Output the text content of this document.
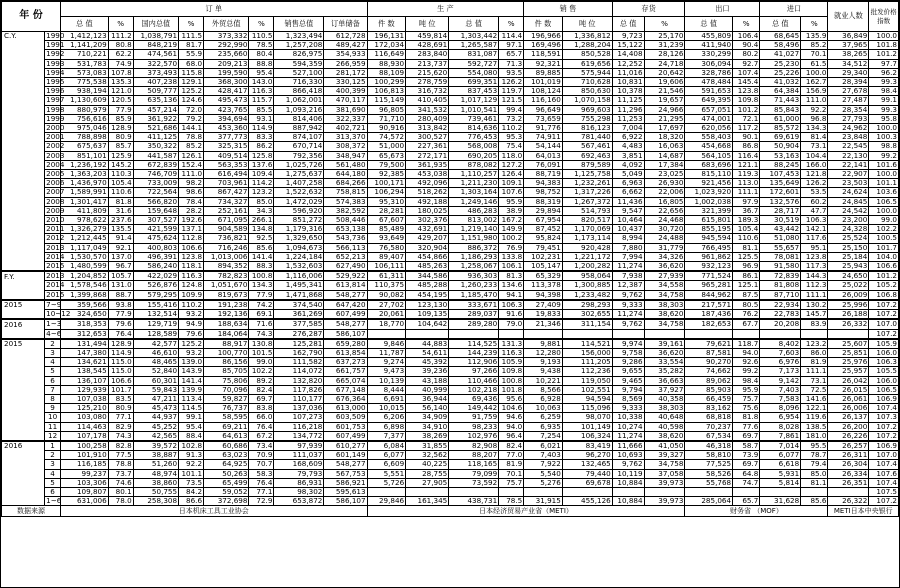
年 份		订 单								生 产				销 售		存货		出口		进口		就业人数	批发价格指数
		总 值	%	国内总值	%	外贸总值	%	销售总值	订单储备	件 数	吨 位	总 值	%	件 数	吨 位	总 值	%	总 值	%	总 值	%		
C.Y.	1990	1,412,123	111.2	1,038,791	111.5	373,332	110.5	1,323,494	612,728	196,131	459,814	1,303,442	114.4	196,966	1,336,812	9,723	25,170	455,809	106.4	68,645	135.9	36,849	100.0
	1991	1,141,209	80.8	848,219	81.7	292,990	78.5	1,257,208	489,427	172,034	428,691	1,265,587	97.1	169,496	1,288,204	15,122	31,239	411,940	90.4	58,496	85.2	37,965	101.8
	1992	710,221	62.2	474,561	55.9	235,660	80.4	826,975	354,933	116,649	283,840	831,087	65.7	118,591	850,528	14,408	28,126	330,299	80.2	41,027	70.1	38,265	101.2
	1993	531,783	74.9	322,570	68.0	209,213	88.8	594,359	266,959	88,930	213,737	592,727	71.3	92,321	619,656	12,252	24,718	306,094	92.7	25,230	61.5	34,512	97.7
	1994	573,083	107.8	373,493	115.8	199,590	95.4	527,100	281,172	88,109	215,620	554,080	93.5	89,885	575,944	11,016	20,642	328,786	107.4	25,226	100.0	29,340	96.2
	1995	775,538	135.3	407,238	129.1	368,300	143.0	716,330	330,125	100,299	278,759	699,351	126.2	101,019	710,628	10,831	19,606	478,484	145.4	41,032	162.7	28,394	99.3
	1996	938,194	121.0	509,777	125.2	428,417	116.3	866,418	400,399	106,813	316,732	837,453	119.7	108,124	850,630	10,378	21,546	591,653	123.8	64,384	156.9	27,678	98.4
	1997	1,130,609	120.5	635,136	124.6	495,473	115.7	1,062,001	470,117	115,149	410,405	1,017,129	121.5	116,160	1,070,158	11,125	19,657	649,395	109.8	71,443	111.0	27,487	99.1
	1998	880,979	77.9	457,214	72.0	423,765	85.5	1,093,216	381,690	96,805	341,532	1,010,541	99.4	96,649	969,603	11,296	24,966	657,051	101.2	85,843	92.2	28,354	99.3
	1999	756,616	85.9	361,922	79.2	394,694	93.1	814,406	322,337	71,710	280,409	739,461	73.2	73,659	755,298	11,253	21,295	474,001	72.1	61,000	96.8	27,793	95.8
	2000	975,046	128.9	521,686	144.1	453,360	114.9	887,942	402,721	90,916	313,842	814,636	110.2	91,776	816,123	7,004	17,697	620,056	117.2	85,572	134.3	24,962	100.0
	2001	788,898	80.9	411,125	78.8	377,773	83.3	874,107	313,370	74,572	300,527	776,453	95.3	74,911	781,440	6,922	18,320	558,403	90.1	69,619	81.4	23,848	100.3
	2002	675,637	85.7	350,322	85.2	325,315	86.2	670,714	308,372	51,000	227,361	568,008	75.4	54,144	567,461	4,483	16,063	454,668	86.8	50,904	73.1	22,545	98.8
	2003	851,101	125.9	441,587	126.1	409,514	125.8	792,356	348,947	65,673	272,171	690,205	118.0	64,013	692,463	3,851	14,687	564,105	116.4	53,163	104.4	22,130	99.2
	2004	1,236,192	145.2	672,839	152.4	563,353	137.6	1,025,726	561,480	79,500	361,935	878,082	127.2	76,091	879,589	4,092	17,384	683,696	121.1	88,245	166.0	22,141	101.6
	2005	1,363,203	110.3	746,709	111.0	616,494	109.4	1,275,637	644,180	92,385	453,038	1,110,257	126.4	88,719	1,125,758	5,049	23,025	815,110	119.3	107,453	121.8	22,907	100.0
	2006	1,436,970	105.4	733,009	98.2	703,961	114.2	1,407,258	684,266	100,171	492,096	1,211,230	109.1	94,383	1,232,261	6,963	26,930	921,456	113.0	135,649	126.2	23,503	101.1
	2007	1,589,991	110.6	722,564	98.6	867,427	123.2	1,522,632	758,815	106,294	518,262	1,303,164	107.6	98,752	1,317,226	6,662	22,006	1,023,920	111.1	172,601	53.5	24,624	103.6
	2008	1,301,417	81.8	566,820	78.4	734,327	85.0	1,472,029	574,383	95,310	492,188	1,249,146	95.9	88,319	1,267,372	11,436	16,805	1,002,038	97.9	132,576	60.2	24,845	106.5
	2009	411,809	31.6	159,648	28.2	252,161	34.3	596,920	382,592	28,281	180,025	486,283	38.9	29,894	514,793	9,547	22,656	321,399	36.7	28,717	47.7	24,542	100.0
	2010	978,622	237.6	307,527	192.6	671,095	266.1	851,272	508,446	67,607	302,376	813,002	167.2	67,954	820,517	10,464	24,468	615,801	189.3	30,519	106.3	23,200	99.0
	2011	1,326,279	135.5	421,599	137.1	904,589	134.8	1,179,316	653,138	85,489	432,691	1,219,140	149.9	87,452	1,170,069	10,437	30,720	855,195	105.4	43,442	142.1	24,328	102.2
	2012	1,212,445	91.4	475,624	112.8	736,821	92.5	1,329,650	543,736	93,649	429,207	1,151,980	100.2	95,824	1,173,114	8,994	24,488	945,594	110.6	51,080	117.6	25,524	100.5
	2013	1,117,049	92.1	400,803	106.6	716,246	85.6	1,094,673	566,113	76,580	320,904	886,372	76.9	79,451	920,428	7,880	31,779	766,495	81.1	55,657	95.1	25,150	101.7
	2014	1,530,570	137.0	496,391	123.8	1,013,006	141.4	1,224,184	652,213	89,407	454,866	1,186,293	133.8	102,231	1,221,172	7,994	34,326	961,862	125.5	78,081	123.8	25,184	104.0
	2015	1,480,599	96.7	586,240	118.1	894,352	88.3	1,532,603	627,490	106,111	485,263	1,258,067	106.1	105,147	1,200,282	11,274	36,620	932,123	96.9	91,580	117.3	25,943	106.6
F.Y.	2013	1,204,852	105.7	422,029	116.3	782,823	100.8	1,116,006	529,922	61,311	344,586	936,303	81.3	65,329	958,064	7,938	27,939	771,524	86.1	72,839	144.3	24,650	101.2
	2014	1,578,546	131.0	526,876	124.8	1,051,670	134.3	1,495,341	613,814	110,375	485,288	1,260,233	134.6	113,378	1,300,885	12,387	34,558	965,281	125.1	81,808	112.3	25,022	105.2
	2015	1,399,868	88.7	579,295	109.9	819,673	77.9	1,471,868	548,277	90,082	454,195	1,185,470	94.1	94,398	1,233,482	9,762	34,758	844,962	87.5	87,710	111.1	26,009	106.8
2015	7~9	359,566	93.8	155,416	110.2	191,238	74.2	374,540	647,420	27,702	123,130	333,671	106.3	27,409	298,293	9,333	38,303	217,571	80.5	22,934	130.2	25,996	107.2
	10~12	324,650	77.9	132,514	93.2	192,136	69.1	361,269	607,499	20,061	109,135	289,037	91.6	19,833	302,655	11,274	38,620	187,436	76.2	22,783	145.7	26,188	107.2
2016	1~3	318,353	79.6	129,719	94.9	188,634	71.6	377,585	548,277	18,770	104,642	289,280	79.0	21,346	311,154	9,762	34,758	182,653	67.7	20,208	83.9	26,332	107.0
	4~6	312,653	76.4	128,589	79.6	184,064	74.3	276,287	586,107														107.2
2015	2	131,494	128.9	42,577	125.2	88,917	130.8	125,281	659,280	9,846	44,883	114,525	131.3	9,881	114,521	9,974	39,161	79,621	118.7	8,402	123.2	25,607	105.9
	3	147,380	114.9	46,610	93.2	100,770	101.5	162,790	613,854	11,787	54,611	144,239	116.3	12,280	156,000	9,758	36,620	87,581	94.0	7,603	86.0	25,851	106.0
	4	134,621	115.0	48,465	139.0	86,156	99.0	111,582	637,273	9,274	45,392	112,906	105.9	9,193	111,205	9,286	33,554	90,270	92.6	6,976	81.9	25,976	106.3
	5	138,545	115.0	52,840	143.9	85,705	102.2	114,072	661,757	9,473	39,236	97,266	109.8	9,438	112,236	9,655	35,282	74,662	99.2	7,173	111.1	25,957	105.5
	6	136,107	106.6	60,301	141.4	75,806	89.2	132,820	665,074	10,139	43,188	110,466	100.8	10,221	119,050	9,465	36,663	89,062	98.4	9,142	73.1	26,042	106.0
	7	129,939	101.7	59,843	139.9	70,096	82.4	117,826	677,148	8,444	40,999	102,218	101.8	8,566	102,551	9,794	37,927	85,903	95.9	7,403	72.5	26,015	106.5
	8	107,038	83.5	47,211	113.4	59,827	69.7	110,177	676,364	6,691	36,944	69,436	95.6	6,928	94,594	8,569	40,358	66,459	75.7	7,583	141.6	26,061	106.9
	9	125,210	80.9	45,473	114.5	76,737	83.8	137,036	613,000	10,015	56,140	149,442	104.6	10,063	115,096	9,333	38,303	83,162	75.6	8,096	122.1	26,006	107.4
	10	103,080	77.1	44,937	99.1	58,595	66.0	107,273	603,509	6,206	34,909	91,759	94.6	6,259	98,070	10,338	40,648	68,818	81.8	6,954	119.6	26,137	107.3
	11	114,463	82.9	45,252	95.4	69,211	76.4	116,218	601,753	6,898	34,910	98,233	94.0	6,935	101,149	10,274	40,598	70,237	77.6	8,028	138.5	26,200	107.2
	12	107,178	74.3	42,565	88.4	64,613	67.2	134,772	607,499	7,377	38,269	102,976	96.4	7,254	106,324	11,274	38,620	67,534	69.7	7,861	181.0	26,226	107.2
2016	1	100,258	82.8	39,572	102.8	60,686	73.4	97,939	610,277	6,084	31,855	82,908	82.4	6,021	83,419	11,666	41,050	46,318	58.7	7,014	95.5	26,257	106.9
	2	101,910	77.5	38,887	91.3	63,023	70.9	111,037	601,149	6,077	32,562	88,207	77.0	7,403	96,270	10,693	39,327	58,810	73.9	6,077	78.7	26,311	107.0
	3	116,185	78.8	51,260	92.2	64,925	70.7	168,609	548,277	6,609	40,225	118,165	81.9	7,922	132,465	9,762	34,758	77,525	69.7	6,618	79.4	26,304	107.4
	4	99,237	73.7	48,974	101.1	50,263	58.3	79,793	567,753	5,551	28,755	79,099	70.1	5,540	79,440	10,119	37,058	58,526	64.8	5,931	85.0	26,334	107.6
	5	103,306	74.6	38,860	73.5	65,499	76.4	86,931	586,921	5,726	27,905	73,592	75.7	5,276	69,678	10,884	39,973	55,768	74.7	5,814	81.1	26,351	107.4
	6	109,807	80.1	50,755	84.2	59,052	77.1	98,302	595,613														107.5
	1~6	631,006	78.0	258,308	86.6	372,698	72.9	653,872	586,107	29,846	161,345	438,731	78.5	31,915	455,126	10,884	39,973	285,064	65.7	31,628	85.6	26,322	107.2
数据来源		日本机床工具工业协会								日本经济贸易产业省（METI）								财务省 （MOF）				METI日本中央银行	
